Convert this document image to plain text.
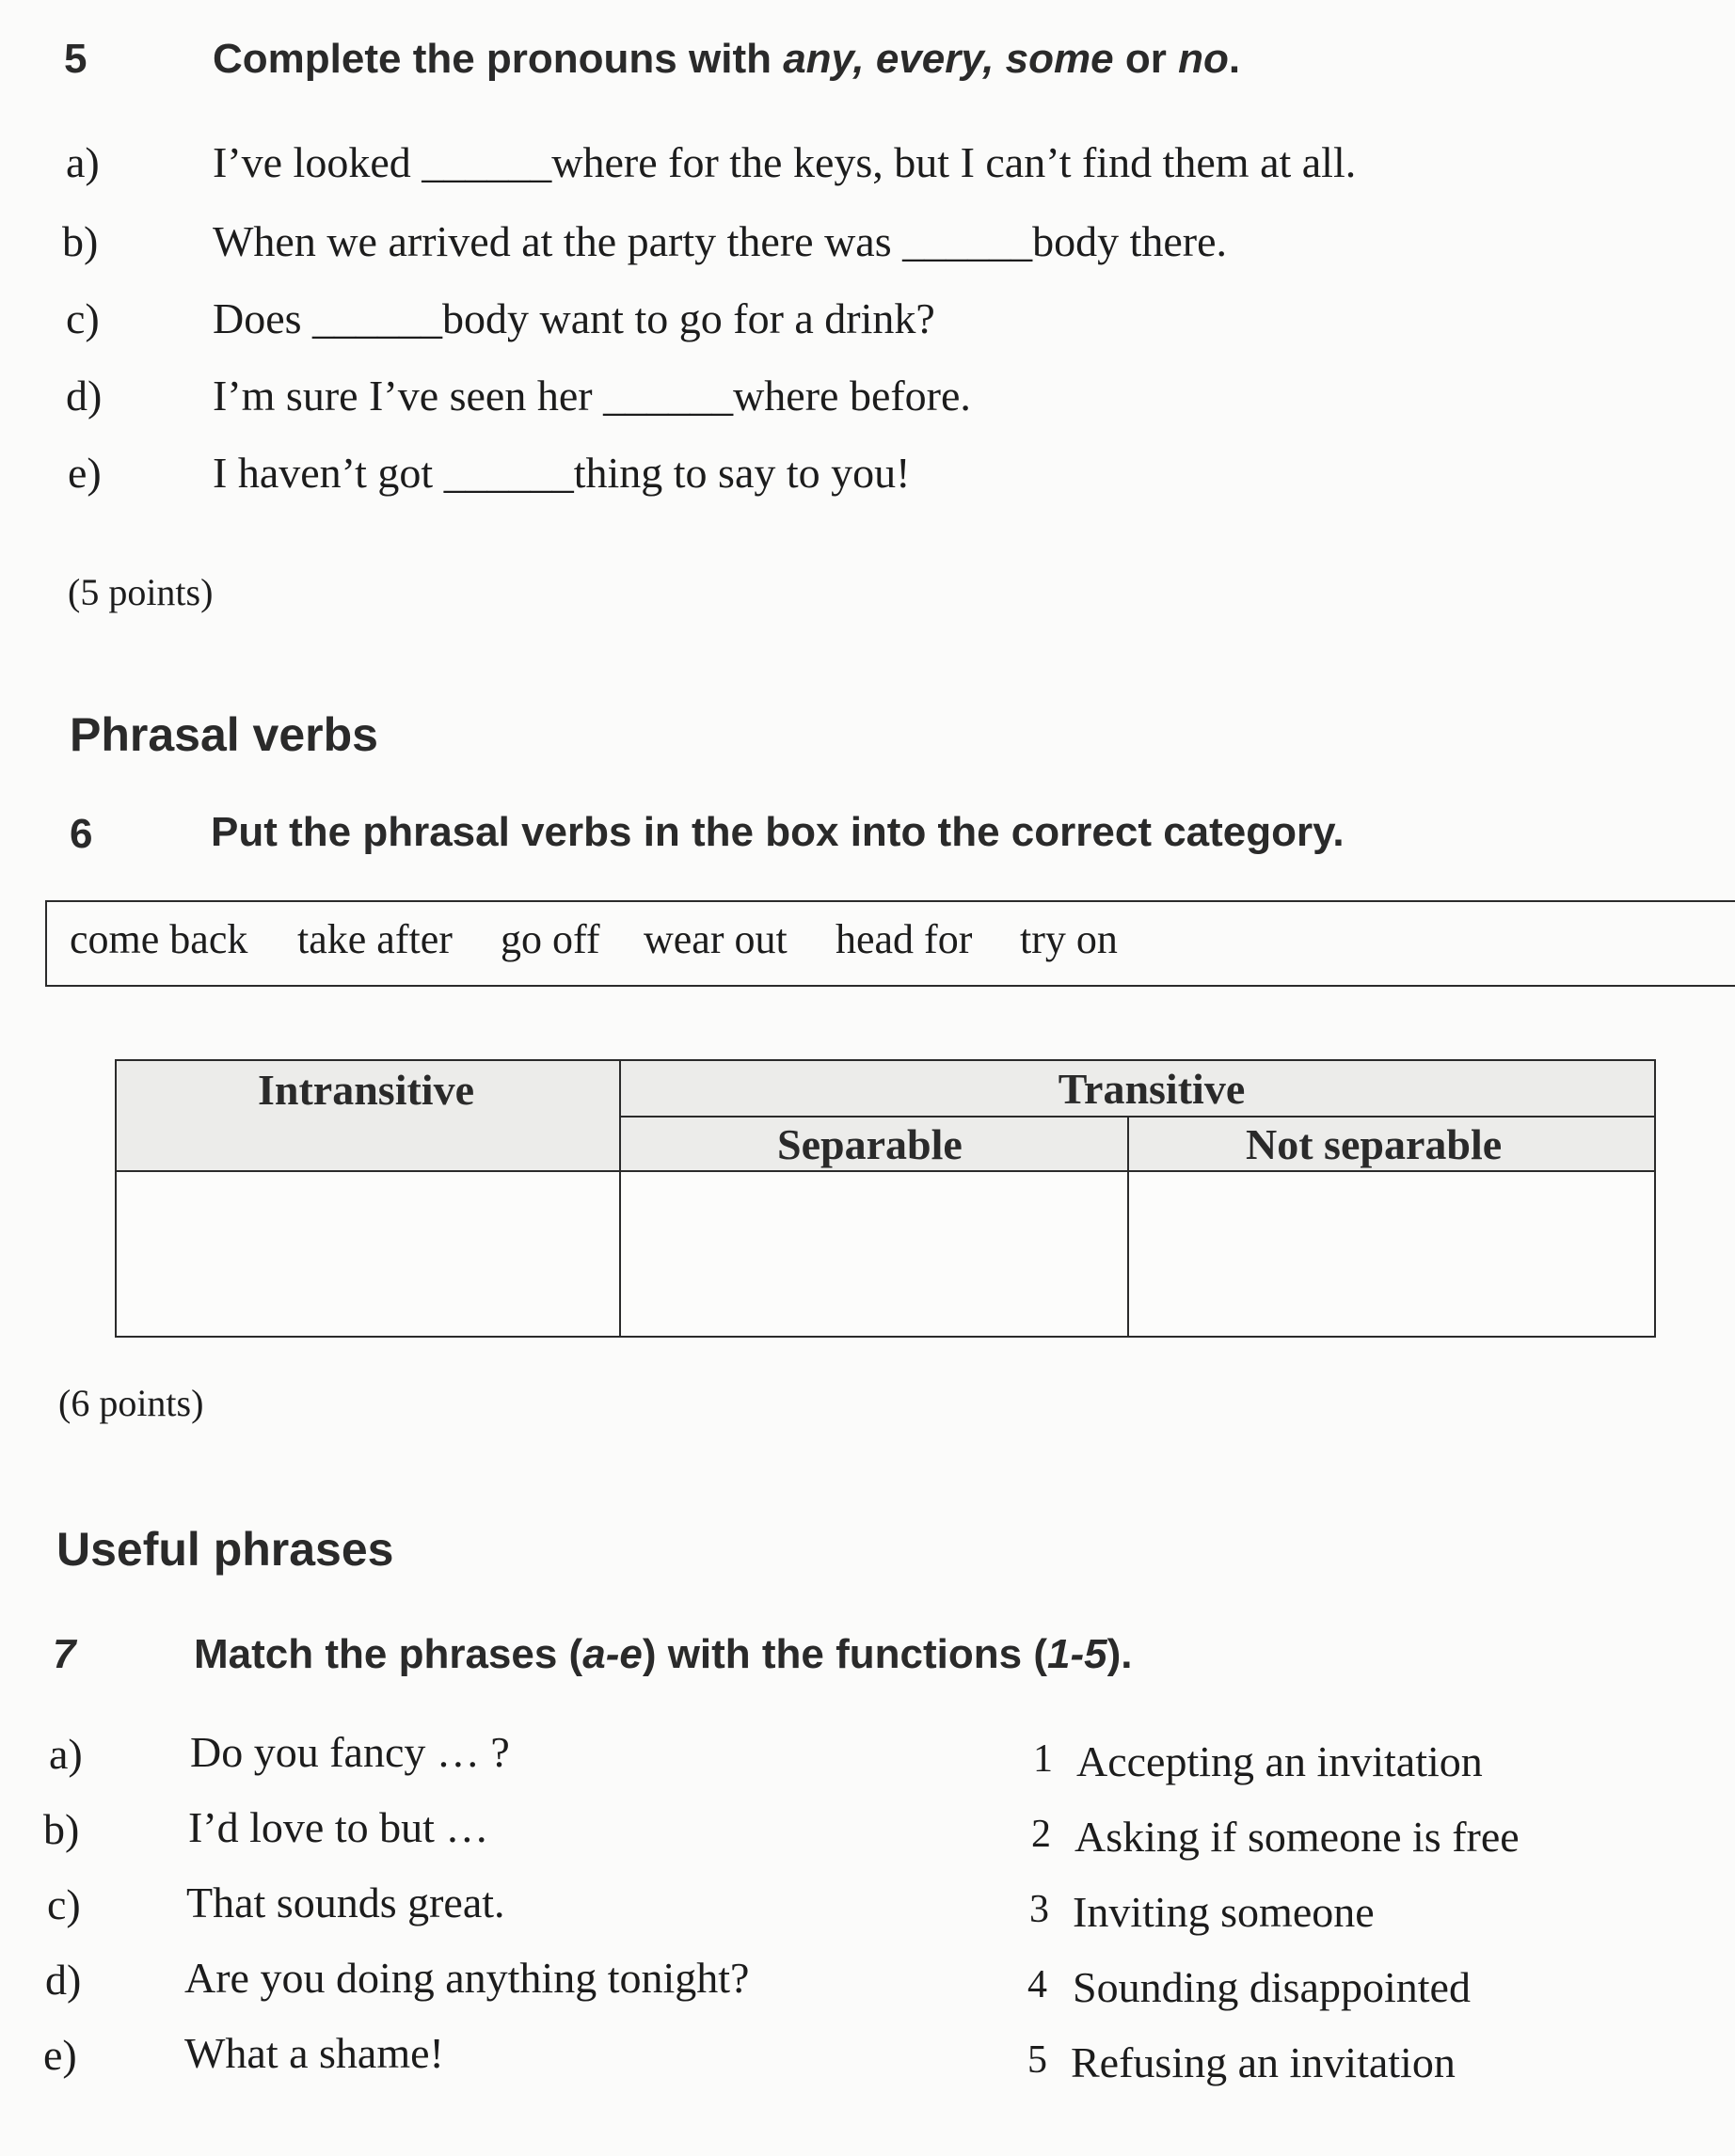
5	Complete the pronouns with any, every, some or no.
a)	I’ve looked ______where for the keys, but I can’t find them at all.
b)	When we arrived at the party there was ______body there.
c)	Does ______body want to go for a drink?
d)	I’m sure I’ve seen her ______where before.
e)	I haven’t got ______thing to say to you!
(5 points)
Phrasal verbs
6	Put the phrasal verbs in the box into the correct category.
come back take after go off wear out head for try on
Intransitive	Transitive	
	Separable	Not separable

(6 points)
Useful phrases
7	Match the phrases (a-e) with the functions (1-5).
a) Do you fancy … ?
b)	I’d love to but …
c) That sounds great.
d) Are you doing anything tonight?
e) What a shame!
1 Accepting an invitation
2 Asking if someone is free
3 Inviting someone
4 Sounding disappointed
5 Refusing an invitation
